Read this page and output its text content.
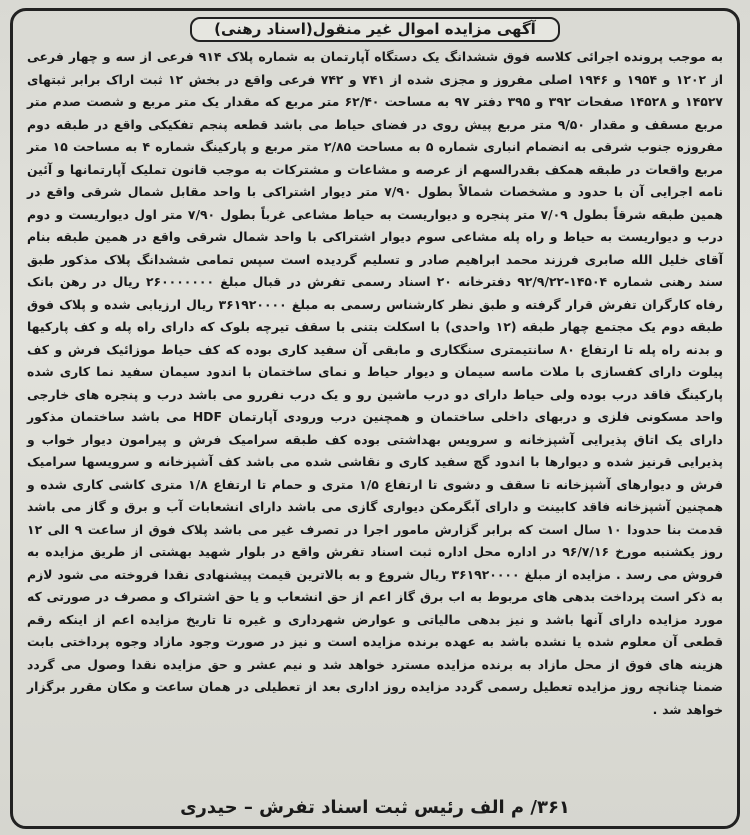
آگهی مزایده اموال غیر منقول(اسناد رهنی)

به موجب پرونده اجرائی کلاسه فوق ششدانگ یک دستگاه آپارتمان به شماره پلاک ۹۱۴ فرعی از سه و چهار فرعی از ۱۲۰۲ و ۱۹۵۴ و ۱۹۴۶ اصلی مفروز و مجزی شده از ۷۴۱ و ۷۴۲ فرعی واقع در بخش ۱۲ ثبت اراک برابر ثبتهای ۱۴۵۲۷ و ۱۴۵۲۸ صفحات ۳۹۲ و ۳۹۵ دفتر ۹۷ به مساحت ۶۲/۴۰ متر مربع که مقدار یک متر مربع و شصت صدم متر مربع مسقف و مقدار ۹/۵۰ متر مربع پیش روی در فضای حیاط می باشد قطعه پنجم تفکیکی واقع در طبقه دوم مفروزه جنوب شرقی به انضمام انباری شماره ۵ به مساحت ۲/۸۵ متر مربع و پارکینگ شماره ۴ به مساحت ۱۵ متر مربع واقعات در طبقه همکف بقدرالسهم از عرصه و مشاعات و مشترکات به موجب قانون تملیک آپارتمانها و آئین نامه اجرایی آن با حدود و مشخصات شمالاً بطول ۷/۹۰ متر دیوار اشتراکی با واحد مقابل شمال شرقی واقع در همین طبقه شرقاً بطول ۷/۰۹ متر پنجره و دیواریست به حیاط مشاعی غرباً بطول ۷/۹۰ متر اول دیواریست و دوم درب و دیواریست به حیاط و راه پله مشاعی سوم دیوار اشتراکی با واحد شمال شرقی واقع در همین طبقه بنام آقای خلیل الله صابری فرزند محمد ابراهیم صادر و تسلیم گردیده است سپس تمامی ششدانگ پلاک مذکور طبق سند رهنی شماره ۱۴۵۰۴-۹۲/۹/۲۲ دفترخانه ۲۰ اسناد رسمی تفرش در قبال مبلغ ۲۶۰۰۰۰۰۰۰ ریال در رهن بانک رفاه کارگران تفرش قرار گرفته و طبق نظر کارشناس رسمی به مبلغ ۳۶۱۹۲۰۰۰۰ ریال ارزیابی شده و پلاک فوق طبقه دوم یک مجتمع چهار طبقه (۱۲ واحدی) با اسکلت بتنی با سقف تیرچه بلوک که دارای راه پله و کف پارکیها و بدنه راه پله تا ارتفاع ۸۰ سانتیمتری سنگکاری و مابقی آن سفید کاری بوده که کف حیاط موزائیک فرش و کف پیلوت دارای کفسازی با ملات ماسه سیمان و دیوار حیاط و نمای ساختمان با اندود سیمان سفید نما کاری شده پارکینگ فاقد درب بوده ولی حیاط دارای دو درب ماشین رو و یک درب نفررو می باشد درب و پنجره های خارجی واحد مسکونی فلزی و دربهای داخلی ساختمان و همچنین درب ورودی آپارتمان HDF می باشد ساختمان مذکور دارای یک اتاق پذیرایی آشپزخانه و سرویس بهداشتی بوده کف طبقه سرامیک فرش و پیرامون دیوار خواب و پذیرایی قرنیز شده و دیوارها با اندود گچ سفید کاری و نقاشی شده می باشد کف آشپزخانه و سرویسها سرامیک فرش و دیوارهای آشپزخانه تا سقف و دشوی تا ارتفاع ۱/۵ متری و حمام تا ارتفاع ۱/۸ متری کاشی کاری شده و همچنین آشپزخانه فاقد کابینت و دارای آبگرمکن دیواری گازی می باشد دارای انشعابات آب و برق و گاز می باشد قدمت بنا حدودا ۱۰ سال است که برابر گزارش مامور اجرا در تصرف غیر می باشد پلاک فوق از ساعت ۹ الی ۱۲ روز یکشنبه مورخ ۹۶/۷/۱۶ در اداره محل اداره ثبت اسناد تفرش واقع در بلوار شهید بهشتی از طریق مزایده به فروش می رسد . مزایده از مبلغ ۳۶۱۹۲۰۰۰۰ ریال شروع و به بالاترین قیمت پیشنهادی نقدا فروخته می شود لازم به ذکر است پرداخت بدهی های مربوط به اب برق گاز اعم از حق انشعاب و یا حق اشتراک و مصرف در صورتی که مورد مزایده دارای آنها باشد و نیز بدهی مالیاتی و عوارض شهرداری و غیره تا تاریخ مزایده اعم از اینکه رقم قطعی آن معلوم شده یا نشده باشد به عهده برنده مزایده است و نیز در صورت وجود مازاد وجوه پرداختی بابت هزینه های فوق از محل مازاد به برنده مزایده مسترد خواهد شد و نیم عشر و حق مزایده نقدا وصول می گردد ضمنا چنانچه روز مزایده تعطیل رسمی گردد مزایده روز اداری بعد از تعطیلی در همان ساعت و مکان مقرر برگزار خواهد شد .

۳۶۱/ م الف رئیس ثبت اسناد تفرش – حیدری
